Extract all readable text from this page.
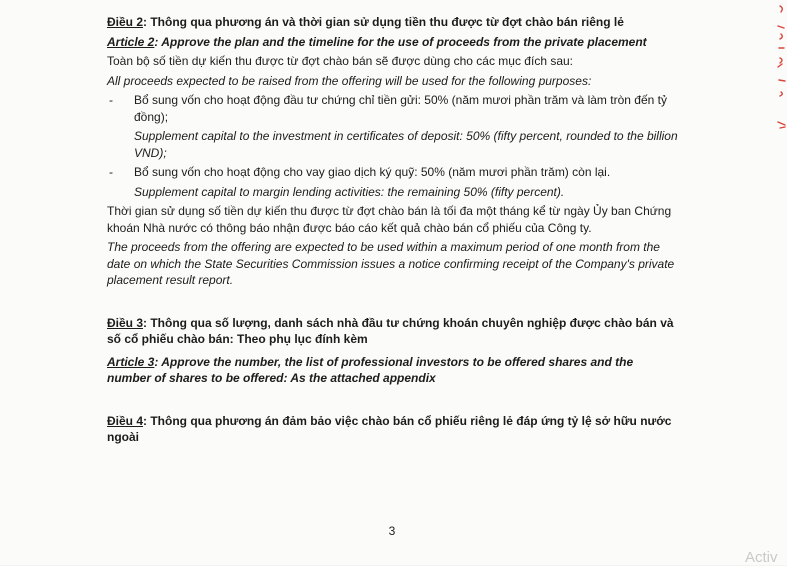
Điều 2: Thông qua phương án và thời gian sử dụng tiền thu được từ đợt chào bán riêng lẻ

Article 2: Approve the plan and the timeline for the use of proceeds from the private placement

Toàn bộ số tiền dự kiến thu được từ đợt chào bán sẽ được dùng cho các mục đích sau:

All proceeds expected to be raised from the offering will be used for the following purposes:

- Bổ sung vốn cho hoạt động đầu tư chứng chỉ tiền gửi: 50% (năm mươi phần trăm và làm tròn đến tỷ đồng);

Supplement capital to the investment in certificates of deposit: 50% (fifty percent, rounded to the billion VND);

- Bổ sung vốn cho hoạt động cho vay giao dịch ký quỹ: 50% (năm mươi phần trăm) còn lại.

Supplement capital to margin lending activities: the remaining 50% (fifty percent).

Thời gian sử dụng số tiền dự kiến thu được từ đợt chào bán là tối đa một tháng kể từ ngày Ủy ban Chứng khoán Nhà nước có thông báo nhận được báo cáo kết quả chào bán cổ phiếu của Công ty.

The proceeds from the offering are expected to be used within a maximum period of one month from the date on which the State Securities Commission issues a notice confirming receipt of the Company's private placement result report.

Điều 3: Thông qua số lượng, danh sách nhà đầu tư chứng khoán chuyên nghiệp được chào bán và số cổ phiếu chào bán: Theo phụ lục đính kèm

Article 3: Approve the number, the list of professional investors to be offered shares and the number of shares to be offered: As the attached appendix

Điều 4: Thông qua phương án đảm bảo việc chào bán cổ phiếu riêng lẻ đáp ứng tỷ lệ sở hữu nước ngoài

3
Activ
